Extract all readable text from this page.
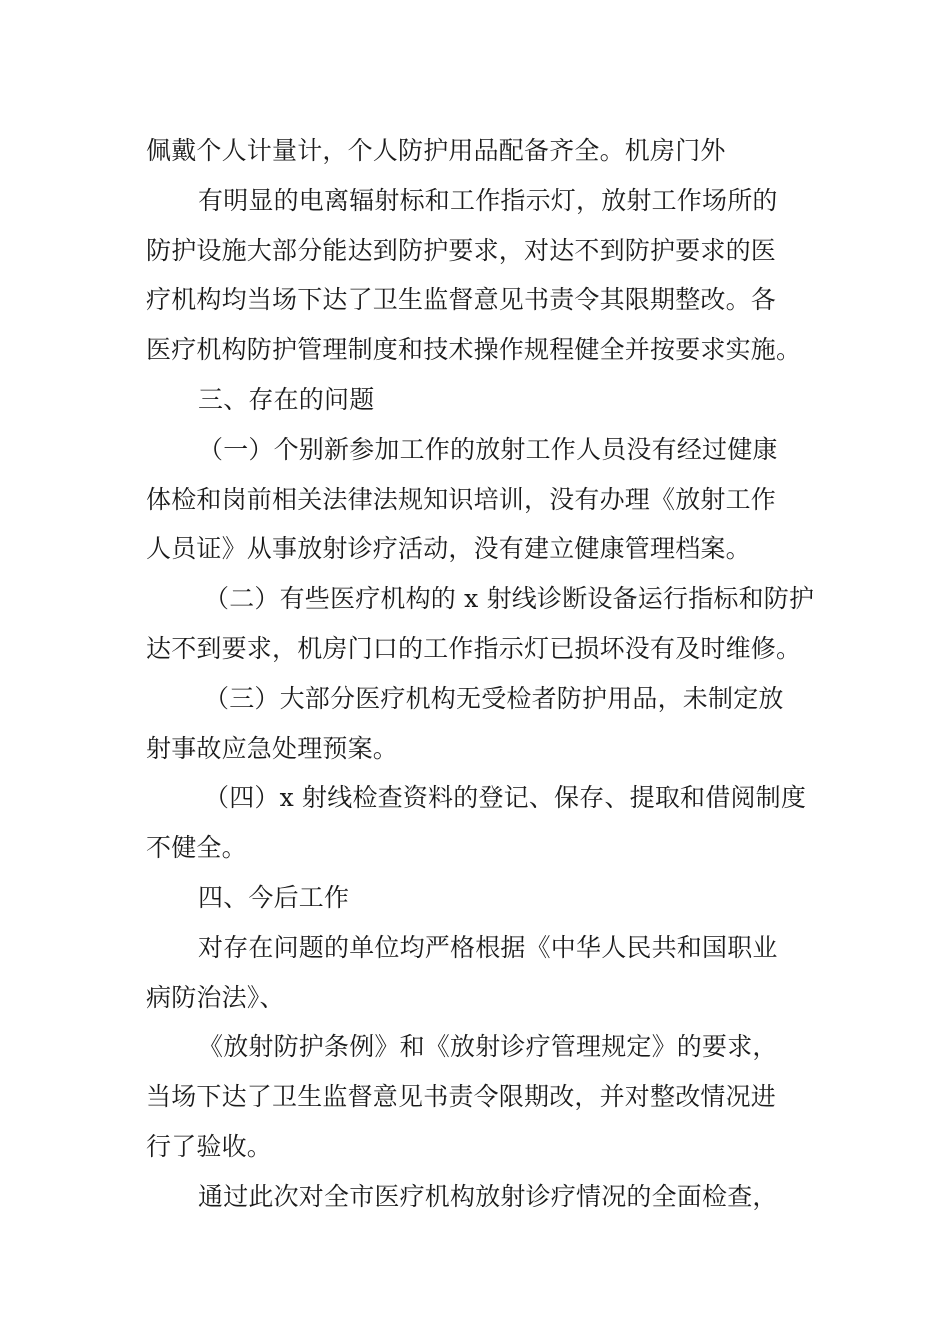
佩戴个人计量计，个人防护用品配备齐全。机房门外
有明显的电离辐射标和工作指示灯，放射工作场所的
防护设施大部分能达到防护要求，对达不到防护要求的医
疗机构均当场下达了卫生监督意见书责令其限期整改。各
医疗机构防护管理制度和技术操作规程健全并按要求实施。
三、存在的问题
（一）个别新参加工作的放射工作人员没有经过健康
体检和岗前相关法律法规知识培训，没有办理《放射工作
人员证》从事放射诊疗活动，没有建立健康管理档案。
（二）有些医疗机构的 x 射线诊断设备运行指标和防护
达不到要求，机房门口的工作指示灯已损坏没有及时维修。
（三）大部分医疗机构无受检者防护用品，未制定放
射事故应急处理预案。
（四）x 射线检查资料的登记、保存、提取和借阅制度
不健全。
四、今后工作
对存在问题的单位均严格根据《中华人民共和国职业
病防治法》、
《放射防护条例》和《放射诊疗管理规定》的要求，
当场下达了卫生监督意见书责令限期改，并对整改情况进
行了验收。
通过此次对全市医疗机构放射诊疗情况的全面检查，
